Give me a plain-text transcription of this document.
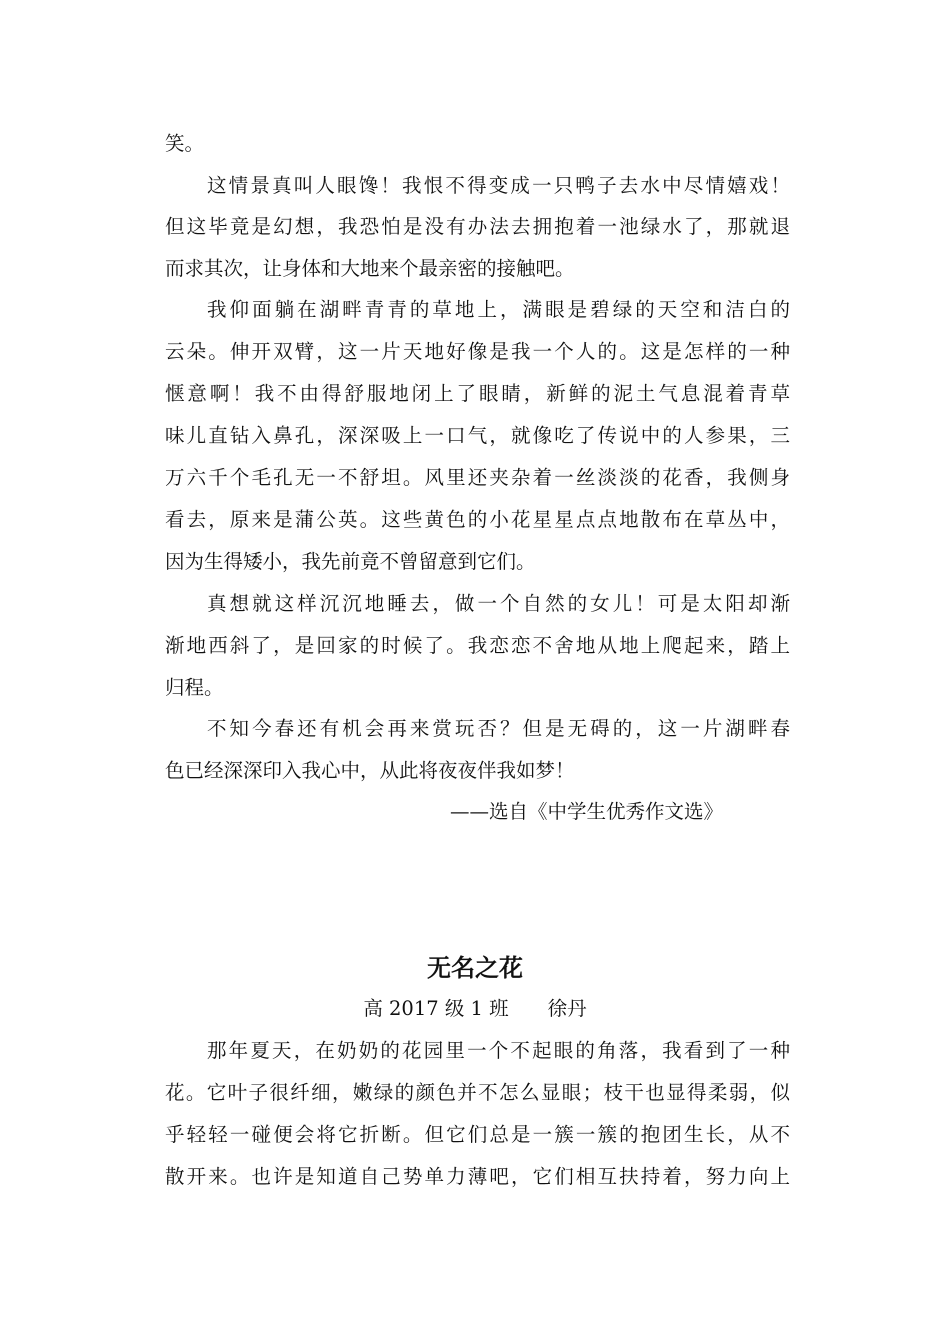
笑。
这情景真叫人眼馋！我恨不得变成一只鸭子去水中尽情嬉戏！
但这毕竟是幻想，我恐怕是没有办法去拥抱着一池绿水了，那就退
而求其次，让身体和大地来个最亲密的接触吧。
我仰面躺在湖畔青青的草地上，满眼是碧绿的天空和洁白的
云朵。伸开双臂，这一片天地好像是我一个人的。这是怎样的一种
惬意啊！我不由得舒服地闭上了眼睛，新鲜的泥土气息混着青草
味儿直钻入鼻孔，深深吸上一口气，就像吃了传说中的人参果，三
万六千个毛孔无一不舒坦。风里还夹杂着一丝淡淡的花香，我侧身
看去，原来是蒲公英。这些黄色的小花星星点点地散布在草丛中，
因为生得矮小，我先前竟不曾留意到它们。
真想就这样沉沉地睡去，做一个自然的女儿！可是太阳却渐
渐地西斜了，是回家的时候了。我恋恋不舍地从地上爬起来，踏上
归程。
不知今春还有机会再来赏玩否？但是无碍的，这一片湖畔春
色已经深深印入我心中，从此将夜夜伴我如梦！
——选自《中学生优秀作文选》
无名之花
高 2017 级 1 班　　徐丹
那年夏天，在奶奶的花园里一个不起眼的角落，我看到了一种
花。它叶子很纤细，嫩绿的颜色并不怎么显眼；枝干也显得柔弱，似
乎轻轻一碰便会将它折断。但它们总是一簇一簇的抱团生长，从不
散开来。也许是知道自己势单力薄吧，它们相互扶持着，努力向上
